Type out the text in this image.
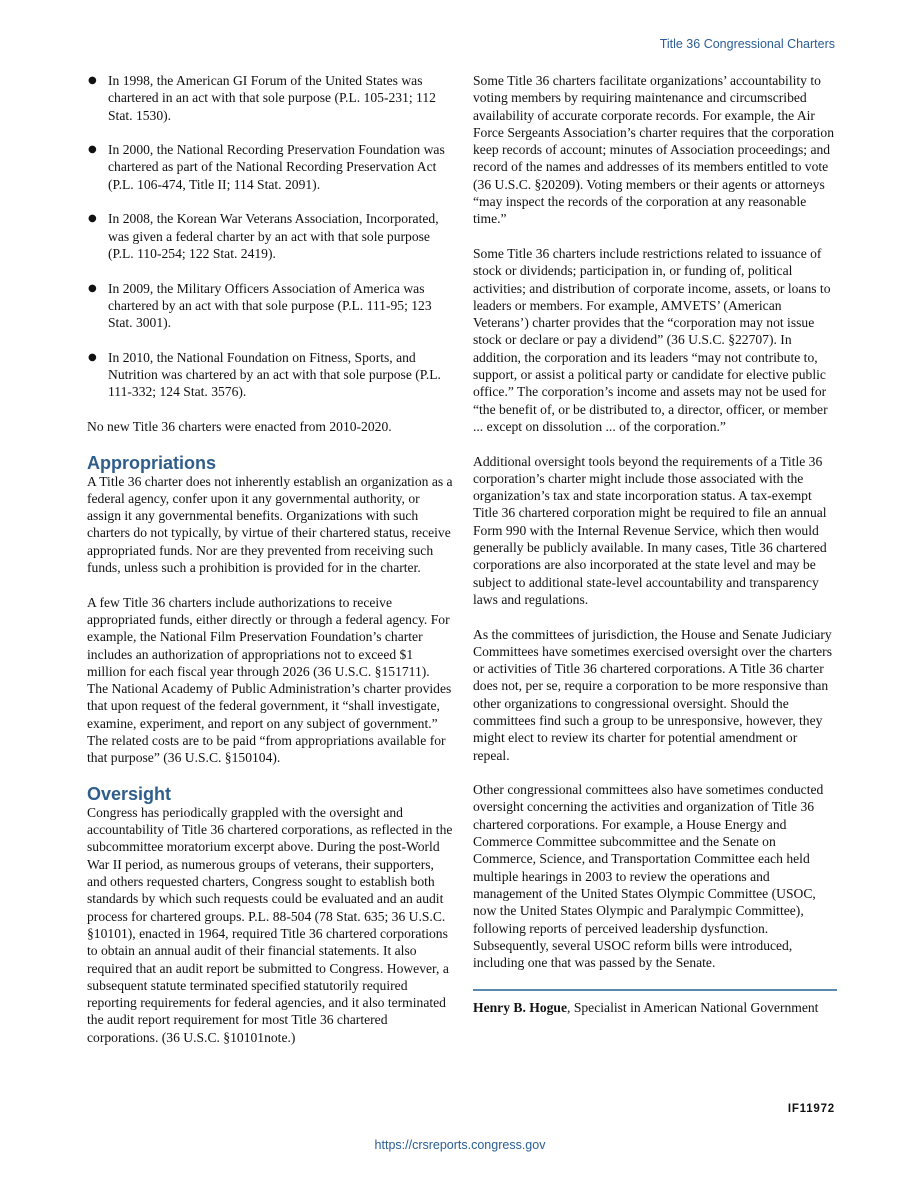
Title 36 Congressional Charters
● In 1998, the American GI Forum of the United States was chartered in an act with that sole purpose (P.L. 105-231; 112 Stat. 1530).
● In 2000, the National Recording Preservation Foundation was chartered as part of the National Recording Preservation Act (P.L. 106-474, Title II; 114 Stat. 2091).
● In 2008, the Korean War Veterans Association, Incorporated, was given a federal charter by an act with that sole purpose (P.L. 110-254; 122 Stat. 2419).
● In 2009, the Military Officers Association of America was chartered by an act with that sole purpose (P.L. 111-95; 123 Stat. 3001).
● In 2010, the National Foundation on Fitness, Sports, and Nutrition was chartered by an act with that sole purpose (P.L. 111-332; 124 Stat. 3576).

No new Title 36 charters were enacted from 2010-2020.

Appropriations

A Title 36 charter does not inherently establish an organization as a federal agency, confer upon it any governmental authority, or assign it any governmental benefits. Organizations with such charters do not typically, by virtue of their chartered status, receive appropriated funds. Nor are they prevented from receiving such funds, unless such a prohibition is provided for in the charter.

A few Title 36 charters include authorizations to receive appropriated funds, either directly or through a federal agency. For example, the National Film Preservation Foundation’s charter includes an authorization of appropriations not to exceed $1 million for each fiscal year through 2026 (36 U.S.C. §151711). The National Academy of Public Administration’s charter provides that upon request of the federal government, it “shall investigate, examine, experiment, and report on any subject of government.” The related costs are to be paid “from appropriations available for that purpose” (36 U.S.C. §150104).

Oversight

Congress has periodically grappled with the oversight and accountability of Title 36 chartered corporations, as reflected in the subcommittee moratorium excerpt above. During the post-World War II period, as numerous groups of veterans, their supporters, and others requested charters, Congress sought to establish both standards by which such requests could be evaluated and an audit process for chartered groups. P.L. 88-504 (78 Stat. 635; 36 U.S.C. §10101), enacted in 1964, required Title 36 chartered corporations to obtain an annual audit of their financial statements. It also required that an audit report be submitted to Congress. However, a subsequent statute terminated specified statutorily required reporting requirements for federal agencies, and it also terminated the audit report requirement for most Title 36 chartered corporations. (36 U.S.C. §10101note.)

Some Title 36 charters facilitate organizations’ accountability to voting members by requiring maintenance and circumscribed availability of accurate corporate records. For example, the Air Force Sergeants Association’s charter requires that the corporation keep records of account; minutes of Association proceedings; and record of the names and addresses of its members entitled to vote (36 U.S.C. §20209). Voting members or their agents or attorneys “may inspect the records of the corporation at any reasonable time.”

Some Title 36 charters include restrictions related to issuance of stock or dividends; participation in, or funding of, political activities; and distribution of corporate income, assets, or loans to leaders or members. For example, AMVETS’ (American Veterans’) charter provides that the “corporation may not issue stock or declare or pay a dividend” (36 U.S.C. §22707). In addition, the corporation and its leaders “may not contribute to, support, or assist a political party or candidate for elective public office.” The corporation’s income and assets may not be used for “the benefit of, or be distributed to, a director, officer, or member ... except on dissolution ... of the corporation.”

Additional oversight tools beyond the requirements of a Title 36 corporation’s charter might include those associated with the organization’s tax and state incorporation status. A tax-exempt Title 36 chartered corporation might be required to file an annual Form 990 with the Internal Revenue Service, which then would generally be publicly available. In many cases, Title 36 chartered corporations are also incorporated at the state level and may be subject to additional state-level accountability and transparency laws and regulations.

As the committees of jurisdiction, the House and Senate Judiciary Committees have sometimes exercised oversight over the charters or activities of Title 36 chartered corporations. A Title 36 charter does not, per se, require a corporation to be more responsive than other organizations to congressional oversight. Should the committees find such a group to be unresponsive, however, they might elect to review its charter for potential amendment or repeal.

Other congressional committees also have sometimes conducted oversight concerning the activities and organization of Title 36 chartered corporations. For example, a House Energy and Commerce Committee subcommittee and the Senate on Commerce, Science, and Transportation Committee each held multiple hearings in 2003 to review the operations and management of the United States Olympic Committee (USOC, now the United States Olympic and Paralympic Committee), following reports of perceived leadership dysfunction. Subsequently, several USOC reform bills were introduced, including one that was passed by the Senate.

Henry B. Hogue, Specialist in American National Government
IF11972
https://crsreports.congress.gov
